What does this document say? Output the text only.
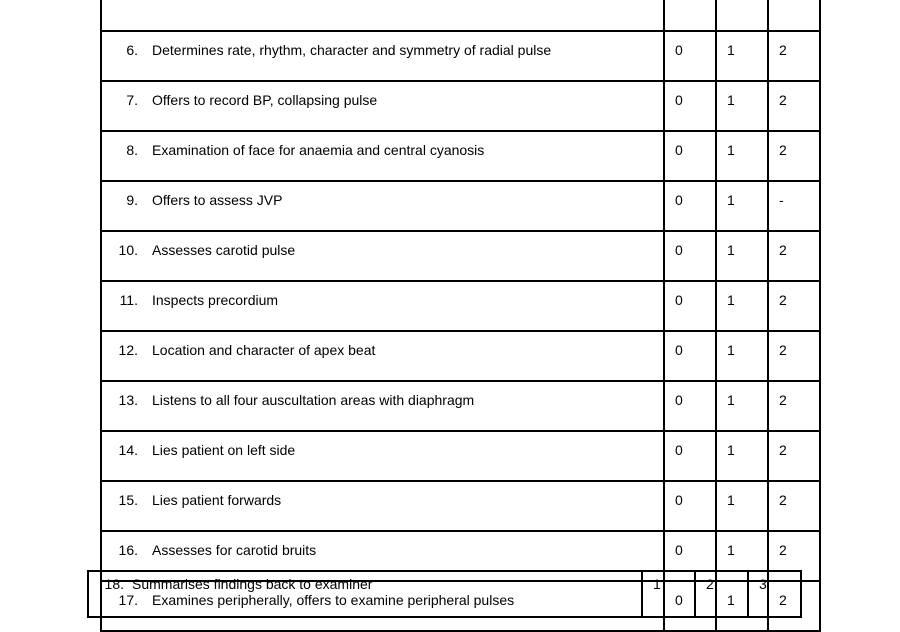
6. Determines rate, rhythm, character and symmetry of radial pulse	0	1	2
7. Offers to record BP, collapsing pulse	0	1	2
8. Examination of face for anaemia and central cyanosis	0	1	2
9. Offers to assess JVP	0	1	-
10. Assesses carotid pulse	0	1	2
11. Inspects precordium	0	1	2
12. Location and character of apex beat	0	1	2
13. Listens to all four auscultation areas with diaphragm	0	1	2
14. Lies patient on left side	0	1	2
15. Lies patient forwards	0	1	2
16. Assesses for carotid bruits	0	1	2
17. Examines peripherally, offers to examine peripheral pulses	0	1	2
18. Summarises findings back to examiner	1	2	3
